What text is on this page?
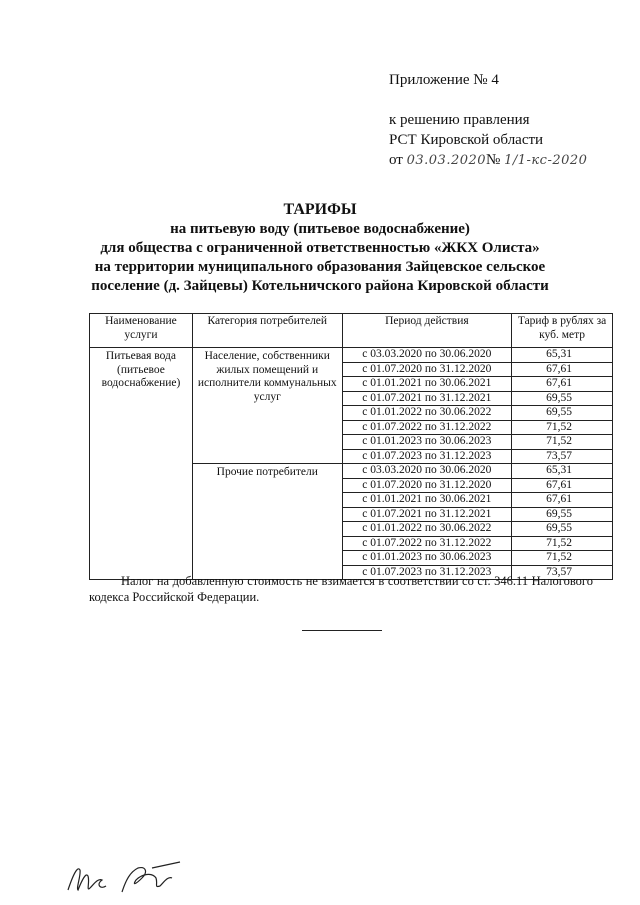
Приложение № 4
к решению правления
РСТ Кировской области
от 03.03.2020№ 1/1-кс-2020
ТАРИФЫ
на питьевую воду (питьевое водоснабжение)
для общества с ограниченной ответственностью «ЖКХ Олиста»
на территории муниципального образования Зайцевское сельское
поселение (д. Зайцевы) Котельничского района Кировской области
Наименование услуги	Категория потребителей	Период действия	Тариф в рублях за куб. метр
Питьевая вода (питьевое водоснабжение)	Население, собственники жилых помещений и исполнители коммунальных услуг	с 03.03.2020 по 30.06.2020	65,31
		с 01.07.2020 по 31.12.2020	67,61
		с 01.01.2021 по 30.06.2021	67,61
		с 01.07.2021 по 31.12.2021	69,55
		с 01.01.2022 по 30.06.2022	69,55
		с 01.07.2022 по 31.12.2022	71,52
		с 01.01.2023 по 30.06.2023	71,52
		с 01.07.2023 по 31.12.2023	73,57
	Прочие потребители	с 03.03.2020 по 30.06.2020	65,31
		с 01.07.2020 по 31.12.2020	67,61
		с 01.01.2021 по 30.06.2021	67,61
		с 01.07.2021 по 31.12.2021	69,55
		с 01.01.2022 по 30.06.2022	69,55
		с 01.07.2022 по 31.12.2022	71,52
		с 01.01.2023 по 30.06.2023	71,52
		с 01.07.2023 по 31.12.2023	73,57
Налог на добавленную стоимость не взимается в соответствии со ст. 346.11 Налогового кодекса Российской Федерации.
